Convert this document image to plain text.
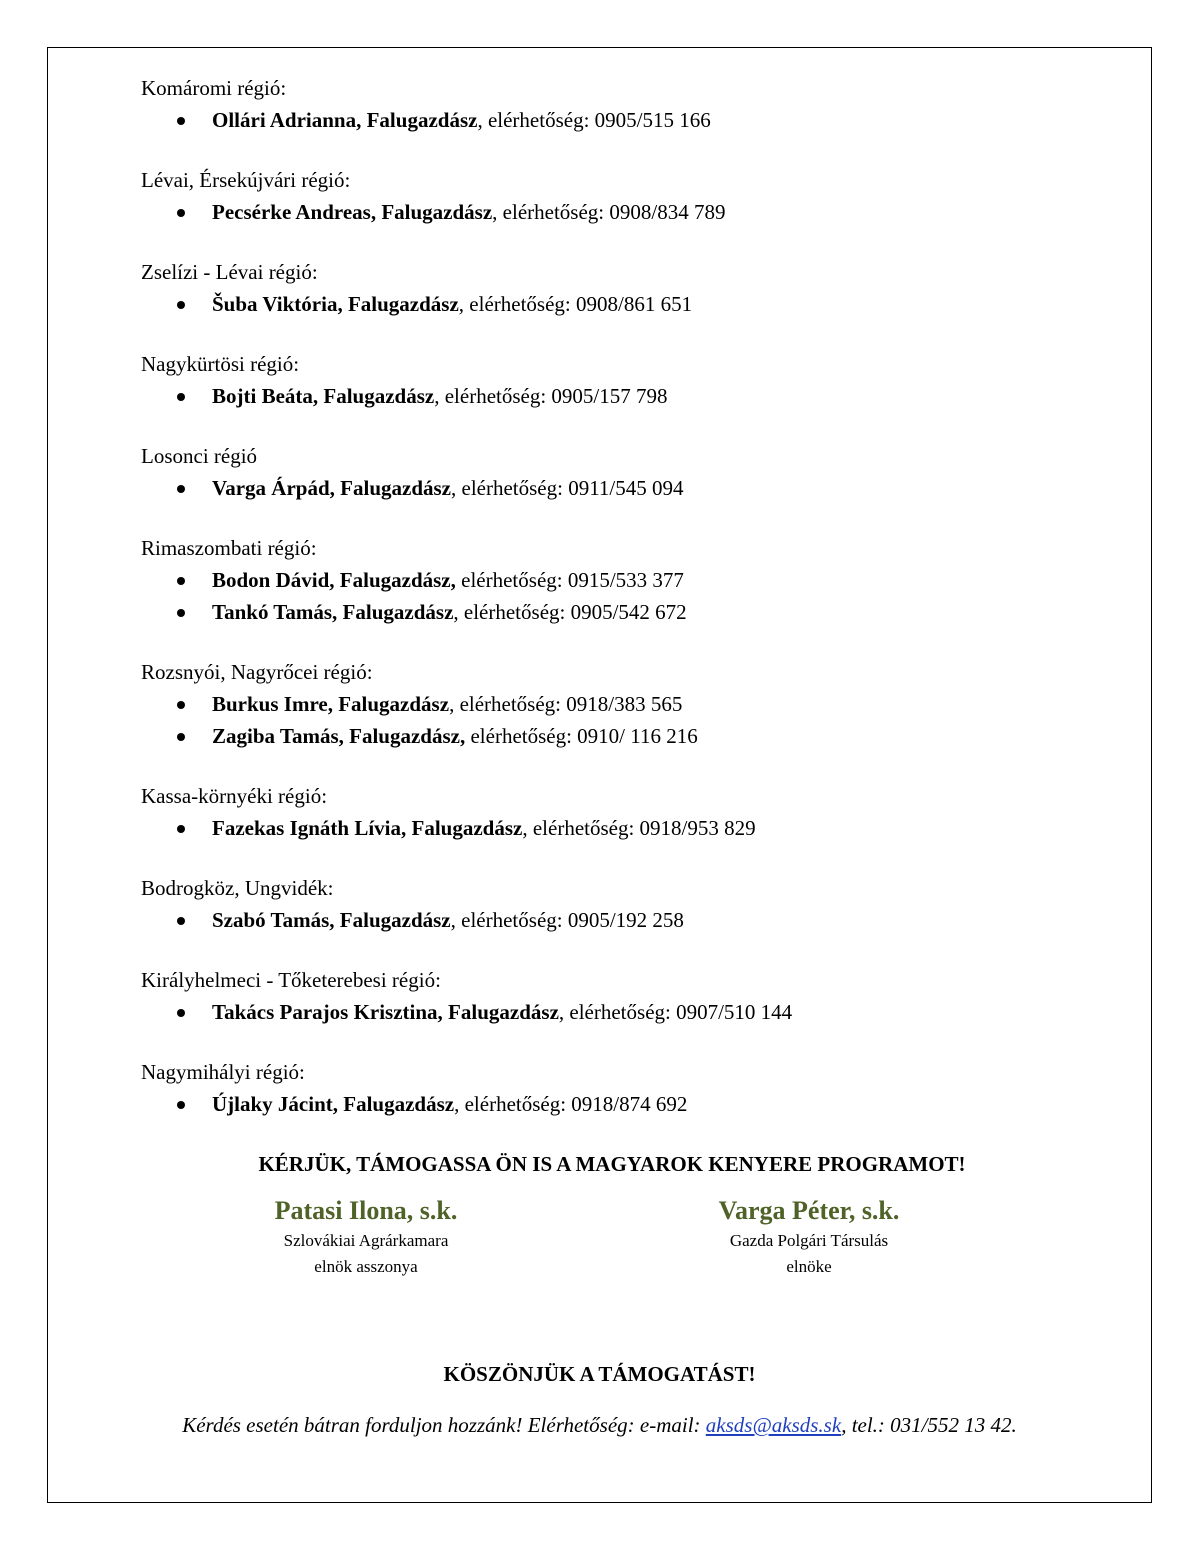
Komáromi régió:
Ollári Adrianna, Falugazdász, elérhetőség: 0905/515 166
Lévai, Érsekújvári régió:
Pecsérke Andreas, Falugazdász, elérhetőség: 0908/834 789
Zselízi - Lévai régió:
Šuba Viktória, Falugazdász, elérhetőség: 0908/861 651
Nagykürtösi régió:
Bojti Beáta, Falugazdász, elérhetőség: 0905/157 798
Losonci régió
Varga Árpád, Falugazdász, elérhetőség: 0911/545 094
Rimaszombati régió:
Bodon Dávid, Falugazdász, elérhetőség: 0915/533 377
Tankó Tamás, Falugazdász, elérhetőség: 0905/542 672
Rozsnyói, Nagyrőcei régió:
Burkus Imre, Falugazdász, elérhetőség: 0918/383 565
Zagiba Tamás, Falugazdász, elérhetőség: 0910/ 116 216
Kassa-környéki régió:
Fazekas Ignáth Lívia, Falugazdász, elérhetőség: 0918/953 829
Bodrogköz, Ungvidék:
Szabó Tamás, Falugazdász, elérhetőség: 0905/192 258
Királyhelmeci - Tőketerebesi régió:
Takács Parajos Krisztina, Falugazdász, elérhetőség: 0907/510 144
Nagymihályi régió:
Újlaky Jácint, Falugazdász, elérhetőség: 0918/874 692
KÉRJÜK, TÁMOGASSA ÖN IS A MAGYAROK KENYERE PROGRAMOT!
Patasi Ilona, s.k.
Szlovákiai Agrárkamara
elnök asszonya
Varga Péter, s.k.
Gazda Polgári Társulás
elnöke
KÖSZÖNJÜK A TÁMOGATÁST!
Kérdés esetén bátran forduljon hozzánk! Elérhetőség: e-mail: aksds@aksds.sk, tel.: 031/552 13 42.
